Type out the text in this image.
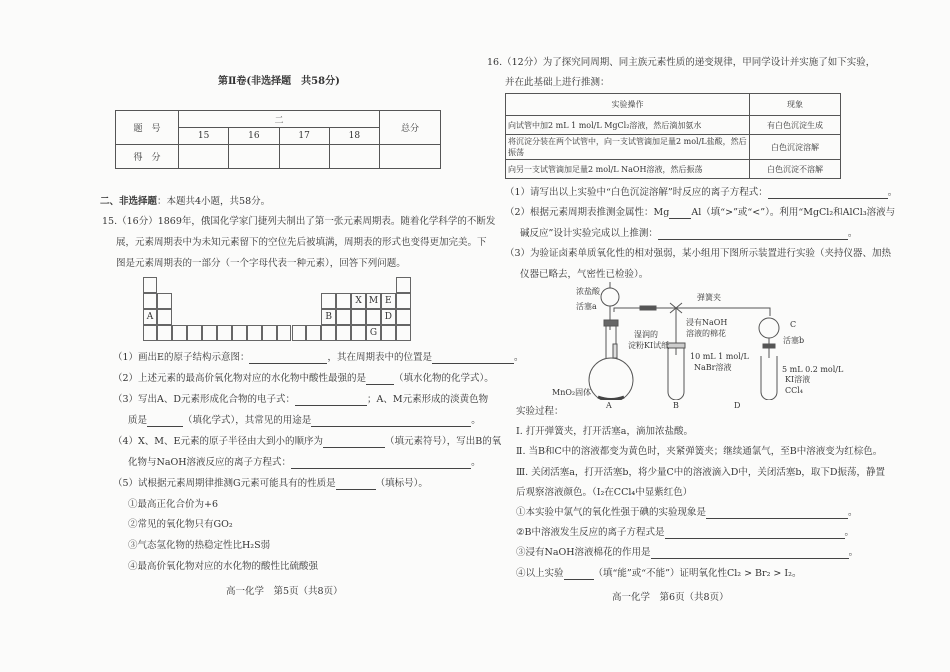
第Ⅱ卷(非选择题　共58分)
题　号	二				总分
	15	16	17	18	
得　分					
二、非选择题：本题共4小题，共58分。
15.（16分）1869年，俄国化学家门捷列夫制出了第一张元素周期表。随着化学科学的不断发
展，元素周期表中为未知元素留下的空位先后被填满，周期表的形式也变得更加完美。下
图是元素周期表的一部分（一个字母代表一种元素），回答下列问题。
X M E
A	B	D
G
（1）画出E的原子结构示意图：	，其在周期表中的位置是	。
（2）上述元素的最高价氧化物对应的水化物中酸性最强的是	（填水化物的化学式）。
（3）写出A、D元素形成化合物的电子式：	；A、M元素形成的淡黄色物
质是	（填化学式），其常见的用途是	。
（4）X、M、E元素的原子半径由大到小的顺序为	（填元素符号），写出B的氧
化物与NaOH溶液反应的离子方程式：	。
（5）试根据元素周期律推测G元素可能具有的性质是	（填标号）。
①最高正化合价为+6
②常见的氧化物只有GO₂
③气态氢化物的热稳定性比H₂S弱
④最高价氧化物对应的水化物的酸性比硫酸强
高一化学　第5页（共8页）
16.（12分）为了探究同周期、同主族元素性质的递变规律，甲同学设计并实施了如下实验，
并在此基础上进行推测：
实验操作	现象
向试管中加2 mL 1 mol/L MgCl₂溶液，然后滴加氨水	有白色沉淀生成
将沉淀分装在两个试管中，向一支试管滴加足量2 mol/L盐酸，然后振荡	白色沉淀溶解
向另一支试管滴加足量2 mol/L NaOH溶液，然后振荡	白色沉淀不溶解
（1）请写出以上实验中“白色沉淀溶解”时反应的离子方程式：	。
（2）根据元素周期表推测金属性：Mg Al（填“>”或“<”）。利用“MgCl₂和AlCl₃溶液与
碱反应”设计实验完成以上推测：	。
（3）为验证卤素单质氧化性的相对强弱，某小组用下图所示装置进行实验（夹持仪器、加热
仪器已略去，气密性已检验）。
浓盐酸
活塞a
湿润的
淀粉KI试纸
MnO₂固体
弹簧夹
浸有NaOH
溶液的棉花
10 mL 1 mol/L
NaBr溶液
C
活塞b
5 mL 0.2 mol/L
KI溶液
CCl₄
A	B	D
实验过程：
Ⅰ. 打开弹簧夹，打开活塞a，滴加浓盐酸。
Ⅱ. 当B和C中的溶液都变为黄色时，夹紧弹簧夹；继续通氯气，至B中溶液变为红棕色。
Ⅲ. 关闭活塞a，打开活塞b，将少量C中的溶液滴入D中，关闭活塞b，取下D振荡，静置
后观察溶液颜色。（I₂在CCl₄中显紫红色）
①本实验中氯气的氧化性强于碘的实验现象是	。
②B中溶液发生反应的离子方程式是	。
③浸有NaOH溶液棉花的作用是	。
④以上实验	（填“能”或“不能”）证明氧化性Cl₂ > Br₂ > I₂。
高一化学　第6页（共8页）
